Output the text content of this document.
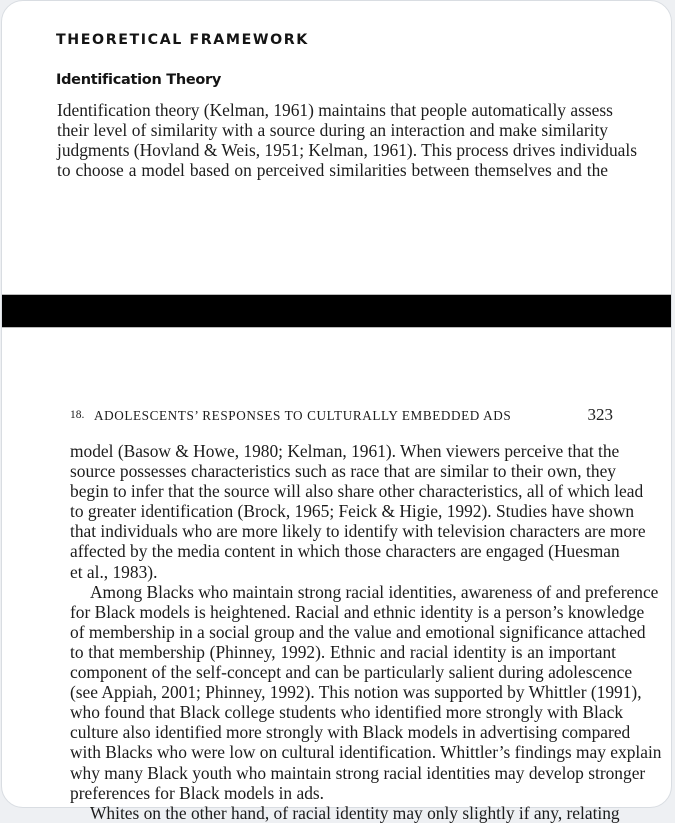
THEORETICAL FRAMEWORK
Identification Theory
Identification theory (Kelman, 1961) maintains that people automatically assess
their level of similarity with a source during an interaction and make similarity
judgments (Hovland & Weis, 1951; Kelman, 1961). This process drives individuals
to choose a model based on perceived similarities between themselves and the
18. ADOLESCENTS’ RESPONSES TO CULTURALLY EMBEDDED ADS	323
model (Basow & Howe, 1980; Kelman, 1961). When viewers perceive that the
source possesses characteristics such as race that are similar to their own, they
begin to infer that the source will also share other characteristics, all of which lead
to greater identification (Brock, 1965; Feick & Higie, 1992). Studies have shown
that individuals who are more likely to identify with television characters are more
affected by the media content in which those characters are engaged (Huesman
et al., 1983).
Among Blacks who maintain strong racial identities, awareness of and preference
for Black models is heightened. Racial and ethnic identity is a person’s knowledge
of membership in a social group and the value and emotional significance attached
to that membership (Phinney, 1992). Ethnic and racial identity is an important
component of the self-concept and can be particularly salient during adolescence
(see Appiah, 2001; Phinney, 1992). This notion was supported by Whittler (1991),
who found that Black college students who identified more strongly with Black
culture also identified more strongly with Black models in advertising compared
with Blacks who were low on cultural identification. Whittler’s findings may explain
why many Black youth who maintain strong racial identities may develop stronger
preferences for Black models in ads.
Whites on the other hand, of racial identity may only slightly if any, relating
